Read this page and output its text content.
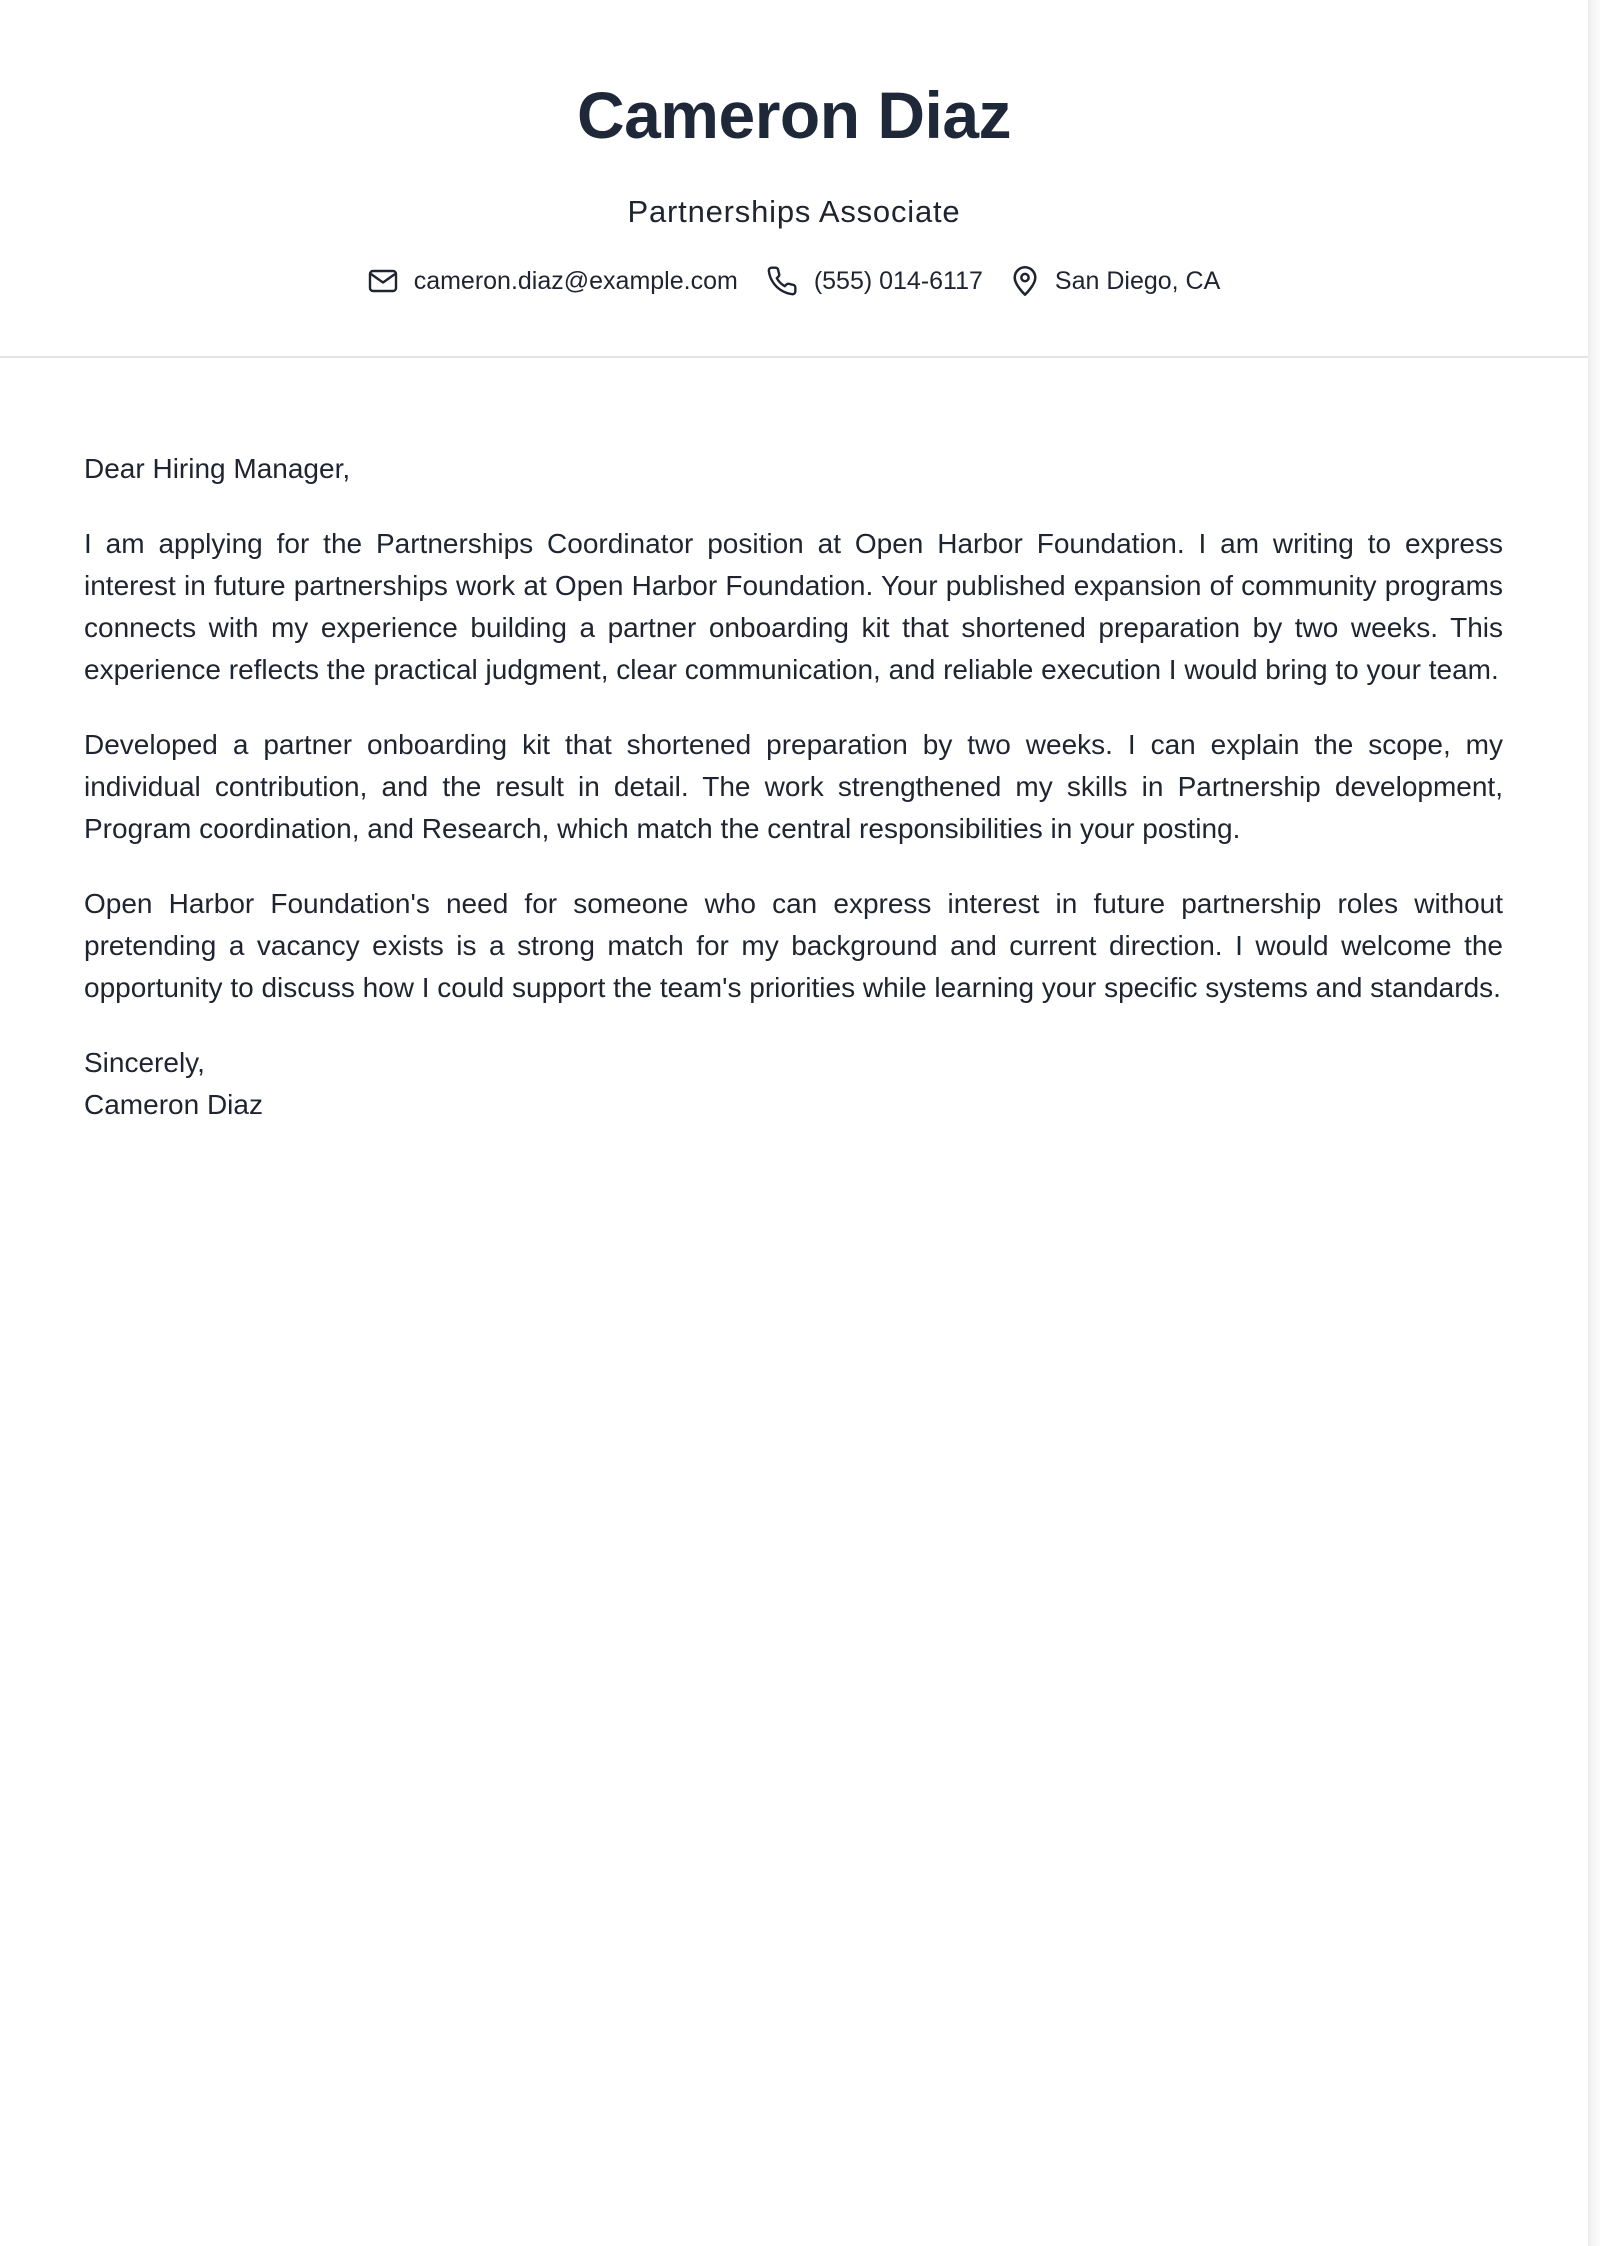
Cameron Diaz
Partnerships Associate
cameron.diaz@example.com	(555) 014-6117	San Diego, CA

Dear Hiring Manager,

I am applying for the Partnerships Coordinator position at Open Harbor Foundation. I am writing to express interest in future partnerships work at Open Harbor Foundation. Your published expansion of community programs connects with my experience building a partner onboarding kit that shortened preparation by two weeks. This experience reflects the practical judgment, clear communication, and reliable execution I would bring to your team.

Developed a partner onboarding kit that shortened preparation by two weeks. I can explain the scope, my individual contribution, and the result in detail. The work strengthened my skills in Partnership development, Program coordination, and Research, which match the central responsibilities in your posting.

Open Harbor Foundation's need for someone who can express interest in future partnership roles without pretending a vacancy exists is a strong match for my background and current direction. I would welcome the opportunity to discuss how I could support the team's priorities while learning your specific systems and standards.

Sincerely,
Cameron Diaz
